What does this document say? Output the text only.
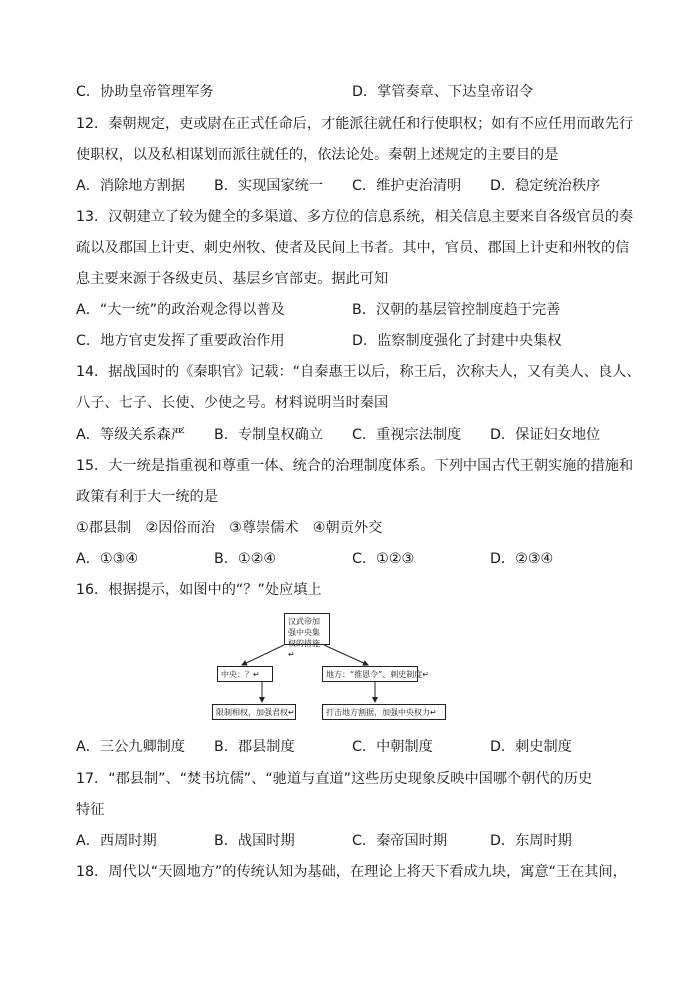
C．协助皇帝管理军务	D．掌管奏章、下达皇帝诏令
12．秦朝规定，吏或尉在正式任命后，才能派往就任和行使职权；如有不应任用而敢先行
使职权，以及私相谋划而派往就任的，依法论处。秦朝上述规定的主要目的是
A．消除地方割据 B．实现国家统一 C．维护吏治清明 D．稳定统治秩序
13．汉朝建立了较为健全的多渠道、多方位的信息系统，相关信息主要来自各级官员的奏
疏以及郡国上计吏、刺史州牧、使者及民间上书者。其中，官员、郡国上计吏和州牧的信
息主要来源于各级吏员、基层乡官部吏。据此可知
A．“大一统”的政治观念得以普及	B．汉朝的基层管控制度趋于完善
C．地方官吏发挥了重要政治作用	D．监察制度强化了封建中央集权
14．据战国时的《秦职官》记载：“自秦惠王以后，称王后，次称夫人，又有美人、良人、
八子、七子、长使、少使之号。材料说明当时秦国
A．等级关系森严 B．专制皇权确立 C．重视宗法制度 D．保证妇女地位
15．大一统是指重视和尊重一体、统合的治理制度体系。下列中国古代王朝实施的措施和
政策有利于大一统的是
①郡县制　②因俗而治　③尊崇儒术　④朝贡外交
A．①③④	B．①②④	C．①②③	D．②③④
16．根据提示，如图中的“？”处应填上
汉武帝加强中央集权的措施↵
中央：？↵	地方：“推恩令”、刺史制度↵
限制相权，加强君权↵	打击地方割据，加强中央权力↵
A．三公九卿制度 B．郡县制度	C．中朝制度	D．刺史制度
17．“郡县制”、“焚书坑儒”、“驰道与直道”这些历史现象反映中国哪个朝代的历史
特征
A．西周时期	B．战国时期	C．秦帝国时期	D．东周时期
18．周代以“天圆地方”的传统认知为基础，在理论上将天下看成九块，寓意“王在其间，
